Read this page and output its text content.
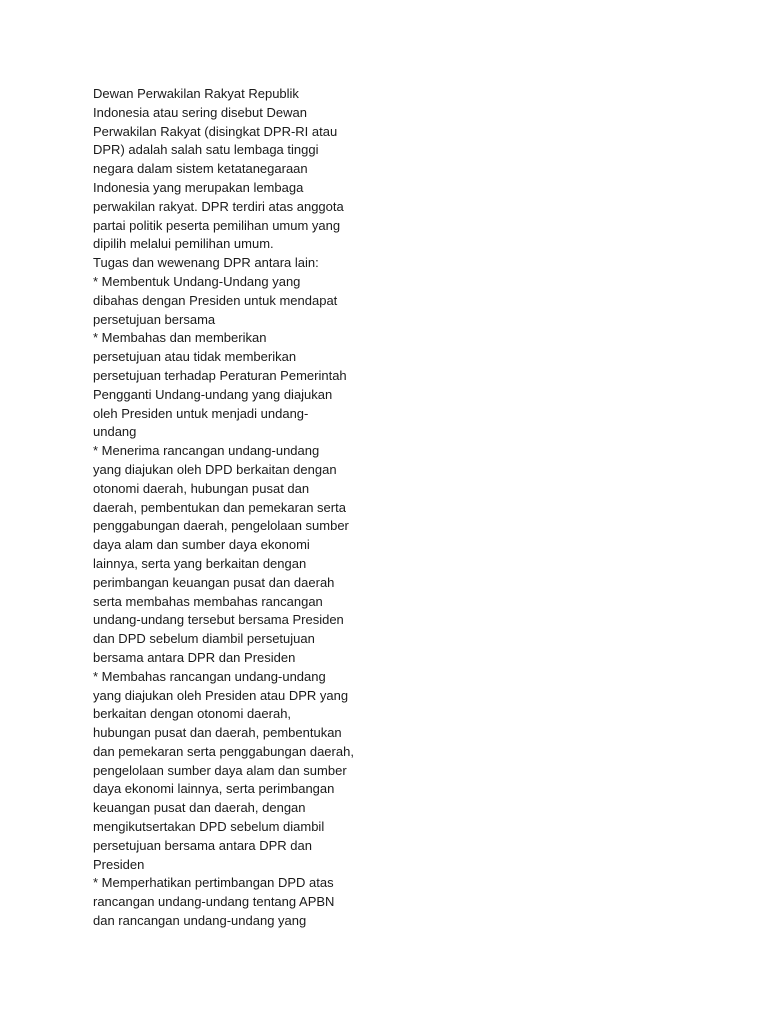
Dewan Perwakilan Rakyat Republik
Indonesia atau sering disebut Dewan
Perwakilan Rakyat (disingkat DPR-RI atau
DPR) adalah salah satu lembaga tinggi
negara dalam sistem ketatanegaraan
Indonesia yang merupakan lembaga
perwakilan rakyat. DPR terdiri atas anggota
partai politik peserta pemilihan umum yang
dipilih melalui pemilihan umum.
Tugas dan wewenang DPR antara lain:
* Membentuk Undang-Undang yang
dibahas dengan Presiden untuk mendapat
persetujuan bersama
* Membahas dan memberikan
persetujuan atau tidak memberikan
persetujuan terhadap Peraturan Pemerintah
Pengganti Undang-undang yang diajukan
oleh Presiden untuk menjadi undang-
undang
* Menerima rancangan undang-undang
yang diajukan oleh DPD berkaitan dengan
otonomi daerah, hubungan pusat dan
daerah, pembentukan dan pemekaran serta
penggabungan daerah, pengelolaan sumber
daya alam dan sumber daya ekonomi
lainnya, serta yang berkaitan dengan
perimbangan keuangan pusat dan daerah
serta membahas membahas rancangan
undang-undang tersebut bersama Presiden
dan DPD sebelum diambil persetujuan
bersama antara DPR dan Presiden
* Membahas rancangan undang-undang
yang diajukan oleh Presiden atau DPR yang
berkaitan dengan otonomi daerah,
hubungan pusat dan daerah, pembentukan
dan pemekaran serta penggabungan daerah,
pengelolaan sumber daya alam dan sumber
daya ekonomi lainnya, serta perimbangan
keuangan pusat dan daerah, dengan
mengikutsertakan DPD sebelum diambil
persetujuan bersama antara DPR dan
Presiden
* Memperhatikan pertimbangan DPD atas
rancangan undang-undang tentang APBN
dan rancangan undang-undang yang
